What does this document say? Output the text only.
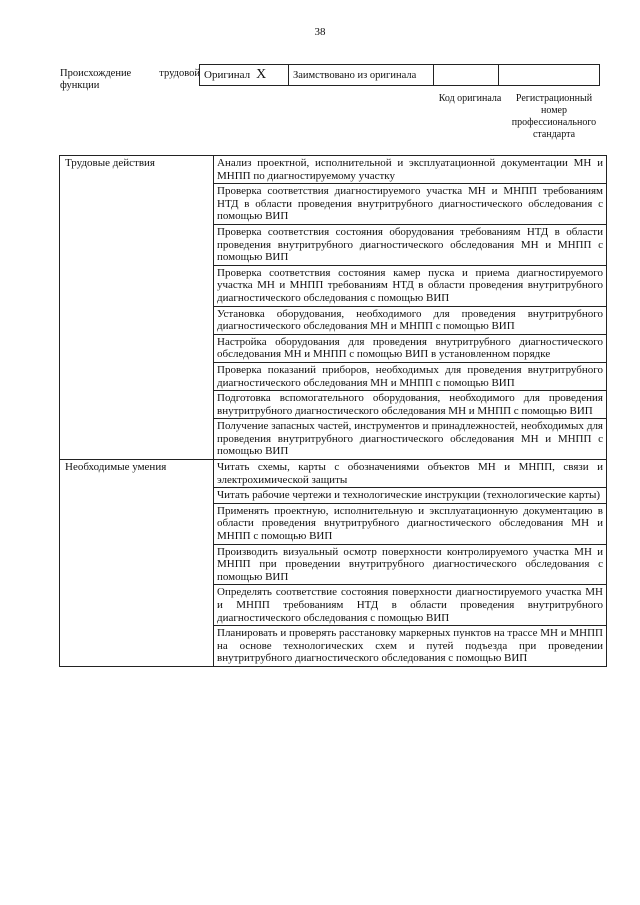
38
Происхождение трудовой функции
Оригинал X	Заимствовано из оригинала		
Код оригинала	Регистрационный номер профессионального стандарта
Трудовые действия	Анализ проектной, исполнительной и эксплуатационной документации МН и МНПП по диагностируемому участку
	Проверка соответствия диагностируемого участка МН и МНПП требованиям НТД в области проведения внутритрубного диагностического обследования с помощью ВИП
	Проверка соответствия состояния оборудования требованиям НТД в области проведения внутритрубного диагностического обследования МН и МНПП с помощью ВИП
	Проверка соответствия состояния камер пуска и приема диагностируемого участка МН и МНПП требованиям НТД в области проведения внутритрубного диагностического обследования с помощью ВИП
	Установка оборудования, необходимого для проведения внутритрубного диагностического обследования МН и МНПП с помощью ВИП
	Настройка оборудования для проведения внутритрубного диагностического обследования МН и МНПП с помощью ВИП в установленном порядке
	Проверка показаний приборов, необходимых для проведения внутритрубного диагностического обследования МН и МНПП с помощью ВИП
	Подготовка вспомогательного оборудования, необходимого для проведения внутритрубного диагностического обследования МН и МНПП с помощью ВИП
	Получение запасных частей, инструментов и принадлежностей, необходимых для проведения внутритрубного диагностического обследования МН и МНПП с помощью ВИП
Необходимые умения	Читать схемы, карты с обозначениями объектов МН и МНПП, связи и электрохимической защиты
	Читать рабочие чертежи и технологические инструкции (технологические карты)
	Применять проектную, исполнительную и эксплуатационную документацию в области проведения внутритрубного диагностического обследования МН и МНПП с помощью ВИП
	Производить визуальный осмотр поверхности контролируемого участка МН и МНПП при проведении внутритрубного диагностического обследования с помощью ВИП
	Определять соответствие состояния поверхности диагностируемого участка МН и МНПП требованиям НТД в области проведения внутритрубного диагностического обследования с помощью ВИП
	Планировать и проверять расстановку маркерных пунктов на трассе МН и МНПП на основе технологических схем и путей подъезда при проведении внутритрубного диагностического обследования с помощью ВИП
